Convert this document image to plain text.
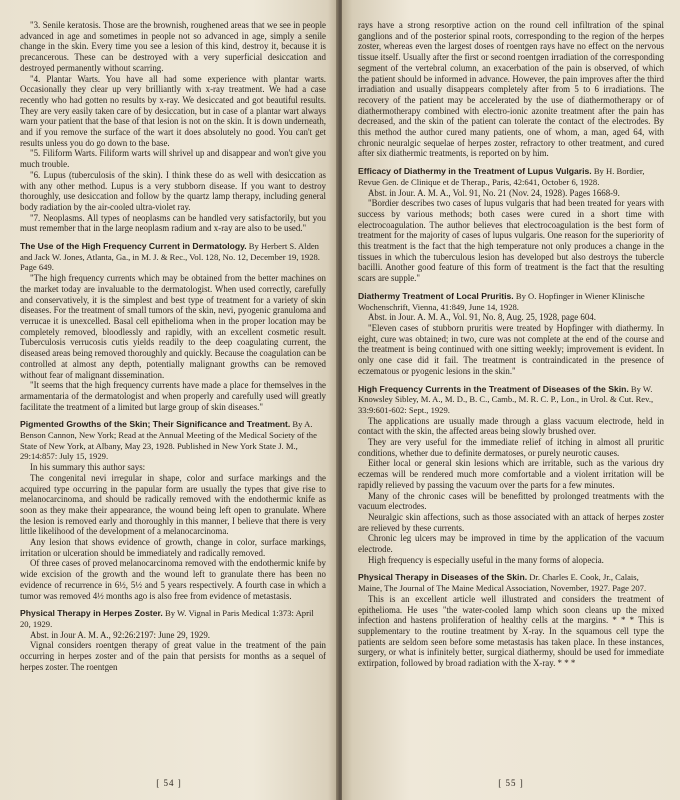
"3. Senile keratosis. Those are the brownish, roughened areas that we see in people advanced in age and sometimes in people not so advanced in age, simply a senile change in the skin. Every time you see a lesion of this kind, destroy it, because it is precancerous. These can be destroyed with a very superficial desiccation and destroyed permanently without scarring.

"4. Plantar Warts. You have all had some experience with plantar warts. Occasionally they clear up very brilliantly with x-ray treatment. We had a case recently who had gotten no results by x-ray. We desiccated and got beautiful results. They are very easily taken care of by desiccation, but in case of a plantar wart always warn your patient that the base of that lesion is not on the skin. It is down underneath, and if you remove the surface of the wart it does absolutely no good. You can't get results unless you do go down to the base.

"5. Filiform Warts. Filiform warts will shrivel up and disappear and won't give you much trouble.

"6. Lupus (tuberculosis of the skin). I think these do as well with desiccation as with any other method. Lupus is a very stubborn disease. If you want to destroy thoroughly, use desiccation and follow by the quartz lamp therapy, including general body radiation by the air-cooled ultra-violet ray.

"7. Neoplasms. All types of neoplasms can be handled very satisfactorily, but you must remember that in the large neoplasm radium and x-ray are also to be used."

The Use of the High Frequency Current in Dermatology. By Herbert S. Alden and Jack W. Jones, Atlanta, Ga., in M. J. & Rec., Vol. 128, No. 12, December 19, 1928. Page 649.

"The high frequency currents which may be obtained from the better machines on the market today are invaluable to the dermatologist. When used correctly, carefully and conservatively, it is the simplest and best type of treatment for a variety of skin diseases. For the treatment of small tumors of the skin, nevi, pyogenic granuloma and verrucae it is unexcelled. Basal cell epithelioma when in the proper location may be completely removed, bloodlessly and rapidly, with an excellent cosmetic result. Tuberculosis verrucosis cutis yields readily to the deep coagulating current, the diseased areas being removed thoroughly and quickly. Because the coagulation can be controlled at almost any depth, potentially malignant growths can be removed without fear of malignant dissemination.

"It seems that the high frequency currents have made a place for themselves in the armamentaria of the dermatologist and when properly and carefully used will greatly facilitate the treatment of a limited but large group of skin diseases."

Pigmented Growths of the Skin; Their Significance and Treatment. By A. Benson Cannon, New York; Read at the Annual Meeting of the Medical Society of the State of New York, at Albany, May 23, 1928. Published in New York State J. M., 29:14:857: July 15, 1929.

In his summary this author says:

The congenital nevi irregular in shape, color and surface markings and the acquired type occurring in the papular form are usually the types that give rise to melanocarcinoma, and should be radically removed with the endothermic knife as soon as they make their appearance, the wound being left open to granulate. Where the lesion is removed early and thoroughly in this manner, I believe that there is very little likelihood of the development of a melanocarcinoma.

Any lesion that shows evidence of growth, change in color, surface markings, irritation or ulceration should be immediately and radically removed.

Of three cases of proved melanocarcinoma removed with the endothermic knife by wide excision of the growth and the wound left to granulate there has been no evidence of recurrence in 6½, 5½ and 5 years respectively. A fourth case in which a tumor was removed 4½ months ago is also free from evidence of metastasis.

Physical Therapy in Herpes Zoster. By W. Vignal in Paris Medical 1:373: April 20, 1929.

Abst. in Jour A. M. A., 92:26:2197: June 29, 1929.

Vignal considers roentgen therapy of great value in the treatment of the pain occurring in herpes zoster and of the pain that persists for months as a sequel of herpes zoster. The roentgen

[ 54 ]

rays have a strong resorptive action on the round cell infiltration of the spinal ganglions and of the posterior spinal roots, corresponding to the region of the herpes zoster, whereas even the largest doses of roentgen rays have no effect on the nervous tissue itself. Usually after the first or second roentgen irradiation of the corresponding segment of the vertebral column, an exacerbation of the pain is observed, of which the patient should be informed in advance. However, the pain improves after the third irradiation and usually disappears completely after from 5 to 6 irradiations. The recovery of the patient may be accelerated by the use of diathermotherapy or of diathermotherapy combined with electro-ionic azonite treatment after the pain has decreased, and the skin of the patient can tolerate the contact of the electrodes. By this method the author cured many patients, one of whom, a man, aged 64, with chronic neuralgic sequelae of herpes zoster, refractory to other treatment, and cured after six diathermic treatments, is reported on by him.

Efficacy of Diathermy in the Treatment of Lupus Vulgaris. By H. Bordier, Revue Gen. de Clinique et de Therap., Paris, 42:641, October 6, 1928.

Abst. in Jour. A. M. A., Vol. 91, No. 21 (Nov. 24, 1928). Pages 1668-9.

"Bordier describes two cases of lupus vulgaris that had been treated for years with success by various methods; both cases were cured in a short time with electrocoagulation. The author believes that electrocoagulation is the best form of treatment for the majority of cases of lupus vulgaris. One reason for the superiority of this treatment is the fact that the high temperature not only produces a change in the tissues in which the tuberculous lesion has developed but also destroys the tubercle bacilli. Another good feature of this form of treatment is the fact that the resulting scars are supple."

Diathermy Treatment of Local Pruritis. By O. Hopfinger in Wiener Klinische Wochenschrift, Vienna, 41:849, June 14, 1928.

Abst. in Jour. A. M. A., Vol. 91, No. 8, Aug. 25, 1928, page 604.

"Eleven cases of stubborn pruritis were treated by Hopfinger with diathermy. In eight, cure was obtained; in two, cure was not complete at the end of the course and the treatment is being continued with one sitting weekly; improvement is evident. In only one case did it fail. The treatment is contraindicated in the presence of eczematous or pyogenic lesions in the skin."

High Frequency Currents in the Treatment of Diseases of the Skin. By W. Knowsley Sibley, M. A., M. D., B. C., Camb., M. R. C. P., Lon., in Urol. & Cut. Rev., 33:9:601-602: Sept., 1929.

The applications are usually made through a glass vacuum electrode, held in contact with the skin, the affected areas being slowly brushed over.

They are very useful for the immediate relief of itching in almost all pruritic conditions, whether due to definite dermatoses, or purely neurotic causes.

Either local or general skin lesions which are irritable, such as the various dry eczemas will be rendered much more comfortable and a violent irritation will be rapidly relieved by passing the vacuum over the parts for a few minutes.

Many of the chronic cases will be benefitted by prolonged treatments with the vacuum electrodes.

Neuralgic skin affections, such as those associated with an attack of herpes zoster are relieved by these currents.

Chronic leg ulcers may be improved in time by the application of the vacuum electrode.

High frequency is especially useful in the many forms of alopecia.

Physical Therapy in Diseases of the Skin. Dr. Charles E. Cook, Jr., Calais, Maine, The Journal of The Maine Medical Association, November, 1927. Page 207.

This is an excellent article well illustrated and considers the treatment of epithelioma. He uses "the water-cooled lamp which soon cleans up the mixed infection and hastens proliferation of healthy cells at the margins. * * * This is supplementary to the routine treatment by X-ray. In the squamous cell type the patients are seldom seen before some metastasis has taken place. In these instances, surgery, or what is infinitely better, surgical diathermy, should be used for immediate extirpation, followed by broad radiation with the X-ray. * * *

[ 55 ]
